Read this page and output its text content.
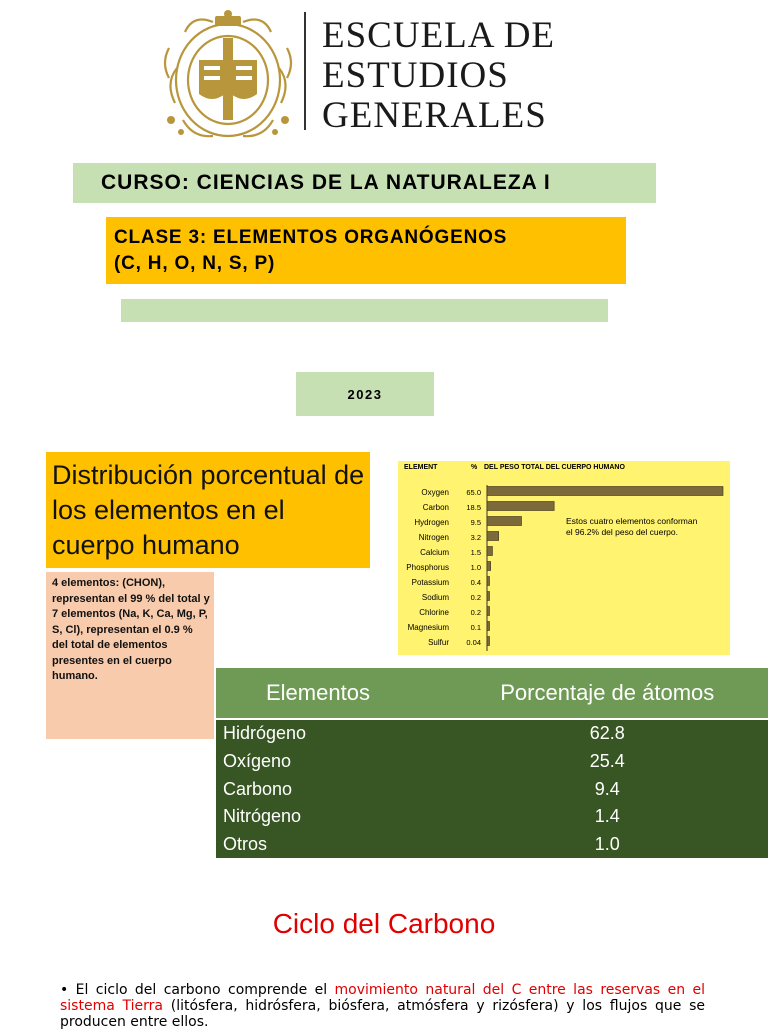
ESCUELA DE
ESTUDIOS
GENERALES
CURSO: CIENCIAS DE LA NATURALEZA I
CLASE 3: ELEMENTOS ORGANÓGENOS
(C, H, O, N, S, P)
2023
Distribución porcentual de los elementos en el cuerpo humano
4 elementos: (CHON), representan el 99 % del total y 7 elementos (Na, K, Ca, Mg, P, S, Cl), representan el 0.9 % del total de elementos presentes en el cuerpo humano.
ELEMENT	% DEL PESO TOTAL DEL CUERPO HUMANO
Estos cuatro elementos conforman
el 96.2% del peso del cuerpo.
Oxygen 65.0
Carbon 18.5
Hydrogen	9.5
Nitrogen	3.2
Calcium	1.5
Phosphorus	1.0
Potassium	0.4
Sodium	0.2
Chlorine	0.2
Magnesium	0.1
Sulfur 0.04
Elementos	Porcentaje de átomos
Hidrógeno	62.8
Oxígeno	25.4
Carbono	9.4
Nitrógeno	1.4
Otros	1.0
Ciclo del Carbono
• El ciclo del carbono comprende el movimiento natural del C entre las reservas en el sistema Tierra (litósfera, hidrósfera, biósfera, atmósfera y rizósfera) y los flujos que se producen entre ellos.
